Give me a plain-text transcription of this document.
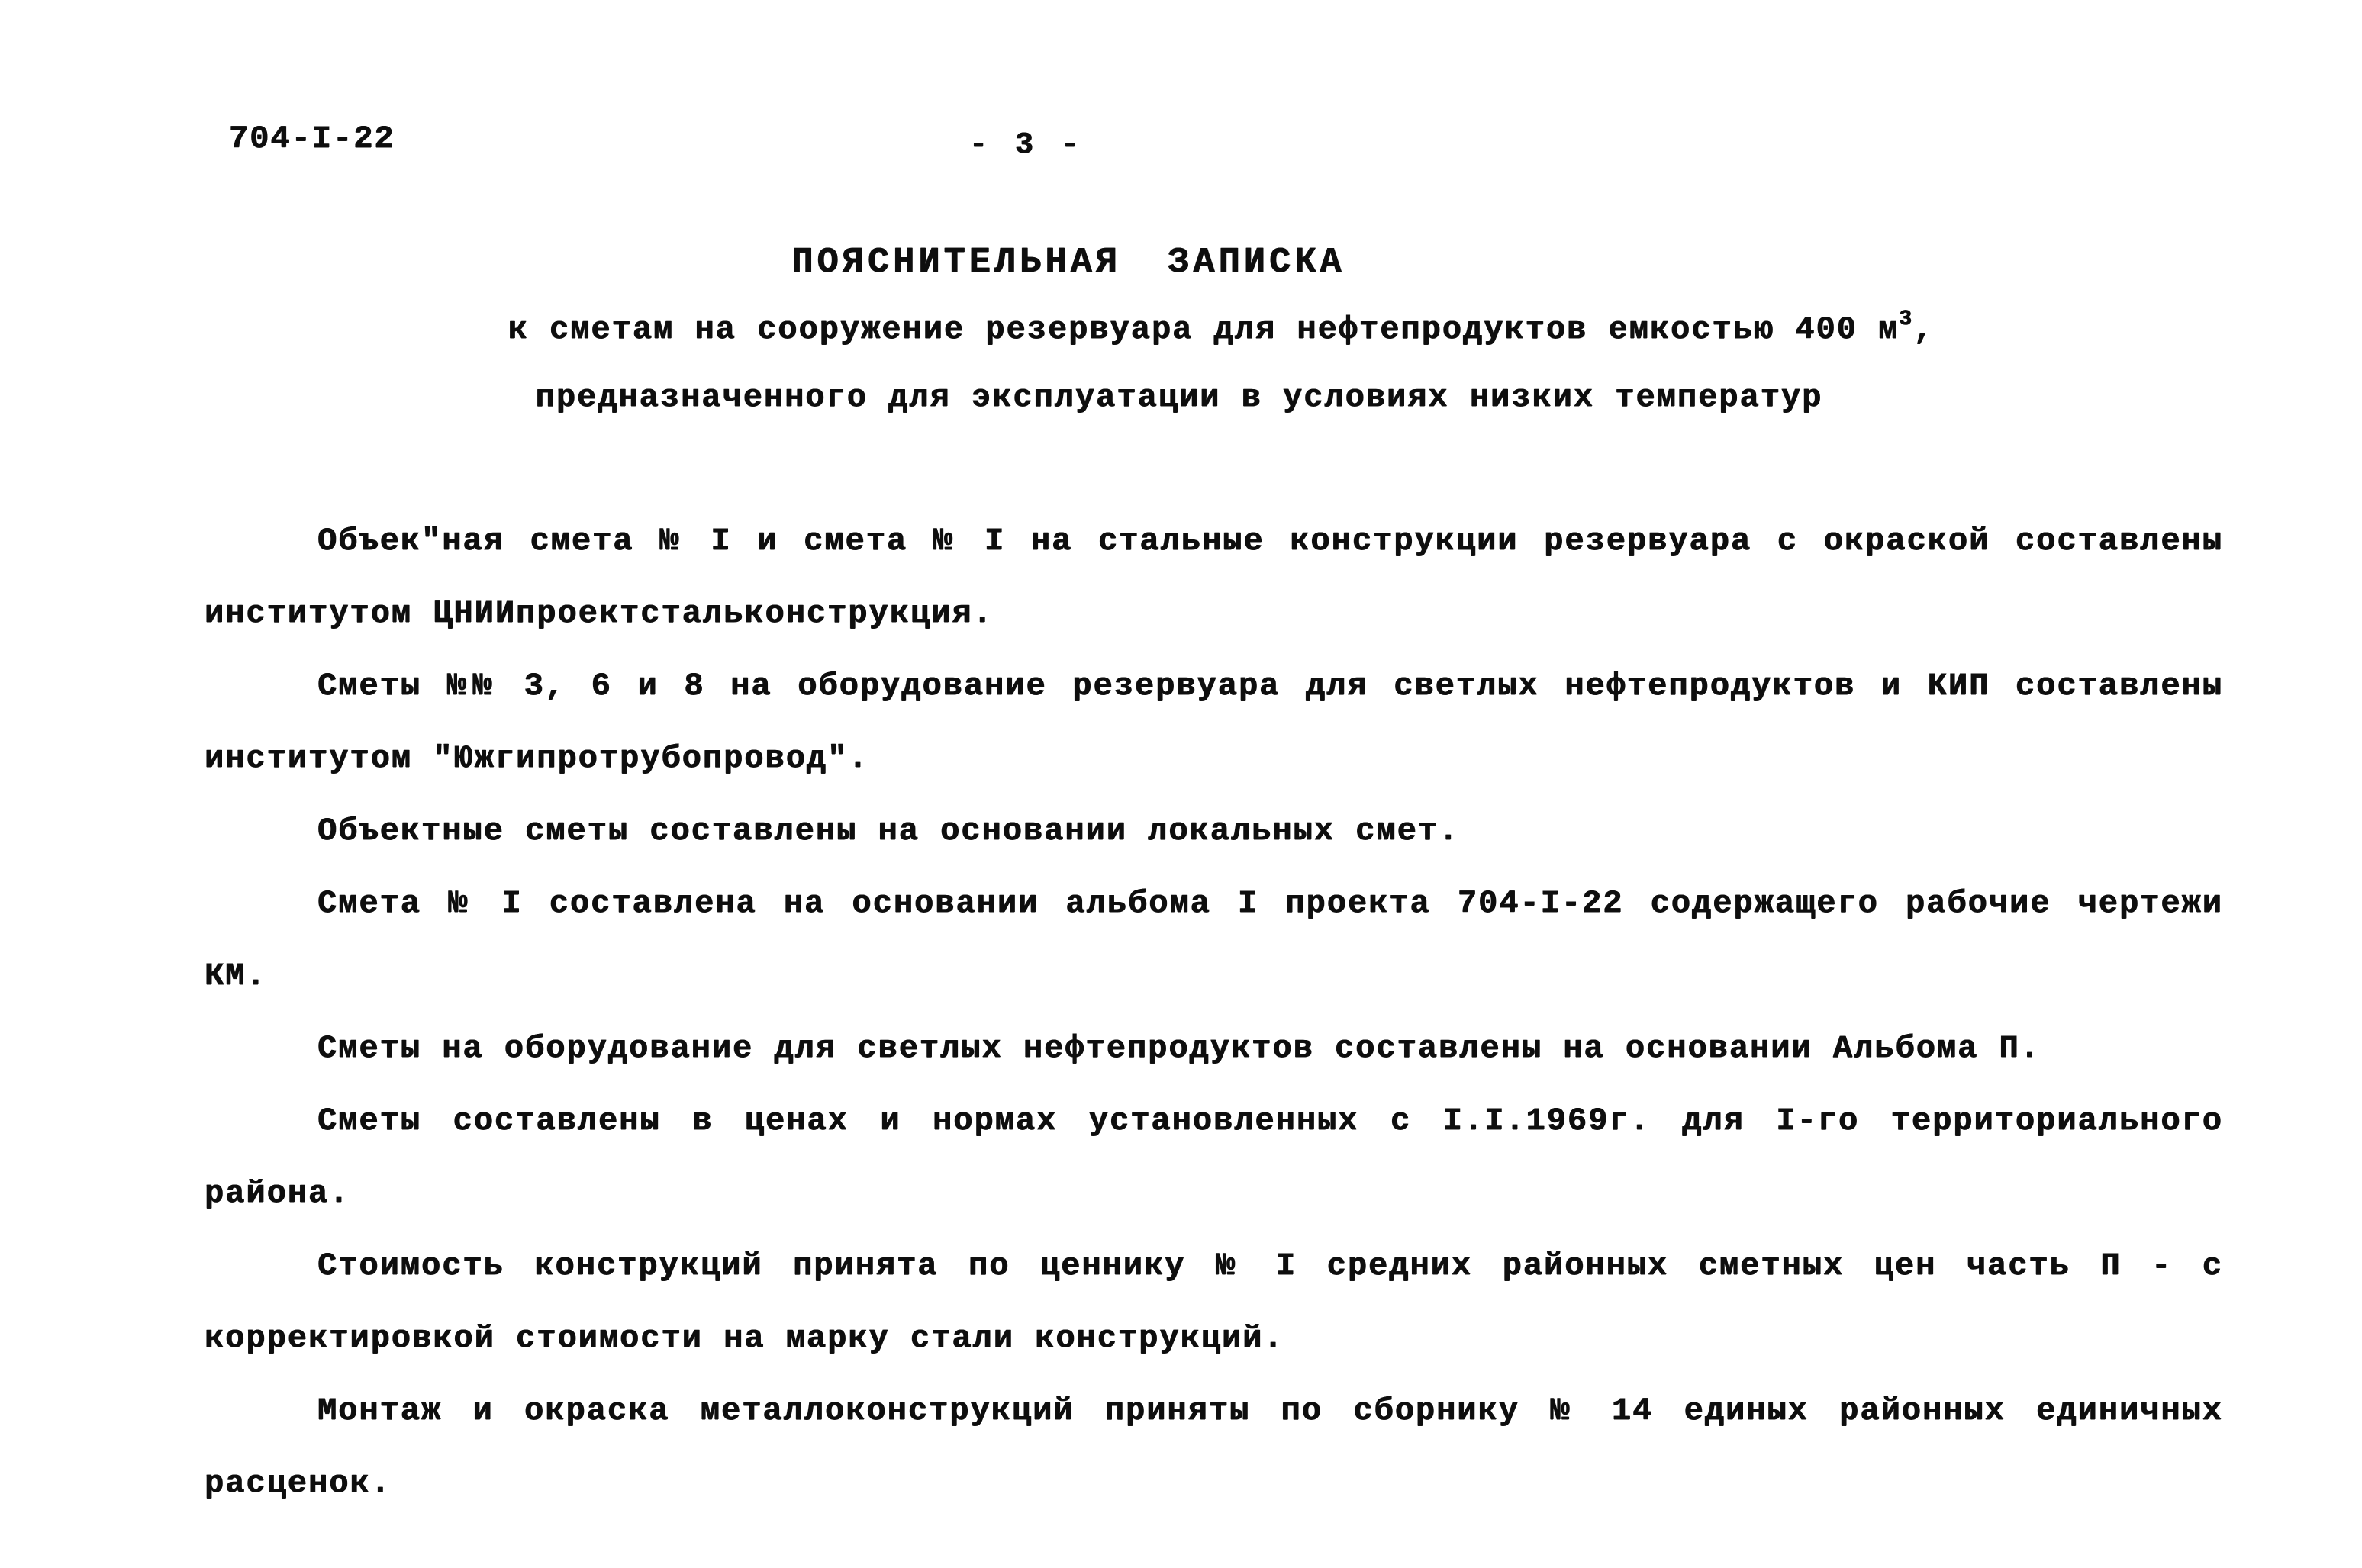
704-I-22	- 3 -
ПОЯСНИТЕЛЬНАЯ ЗАПИСКА
к сметам на сооружение резервуара для нефтепродуктов емкостью 400 $м^3$,
предназначенного для эксплуатации в условиях низких температур

Объек"ная смета № I и смета № I на стальные конструкции резервуара с окраской составлены институтом ЦНИИпроектстальконструкция.

Сметы №№ 3, 6 и 8 на оборудование резервуара для светлых нефтепродуктов и КИП составлены институтом "Южгипротрубопровод".

Объектные сметы составлены на основании локальных смет.

Смета № I составлена на основании альбома I проекта 704-I-22 содержащего рабочие чертежи КМ.

Сметы на оборудование для светлых нефтепродуктов составлены на основании Альбома П.

Сметы составлены в ценах и нормах установленных с I.I.1969г. для I-го территориального района.

Стоимость конструкций принята по ценнику № I средних районных сметных цен часть П - с корректировкой стоимости на марку стали конструкций.

Монтаж и окраска металлоконструкций приняты по сборнику № 14 единых районных единичных расценок.
